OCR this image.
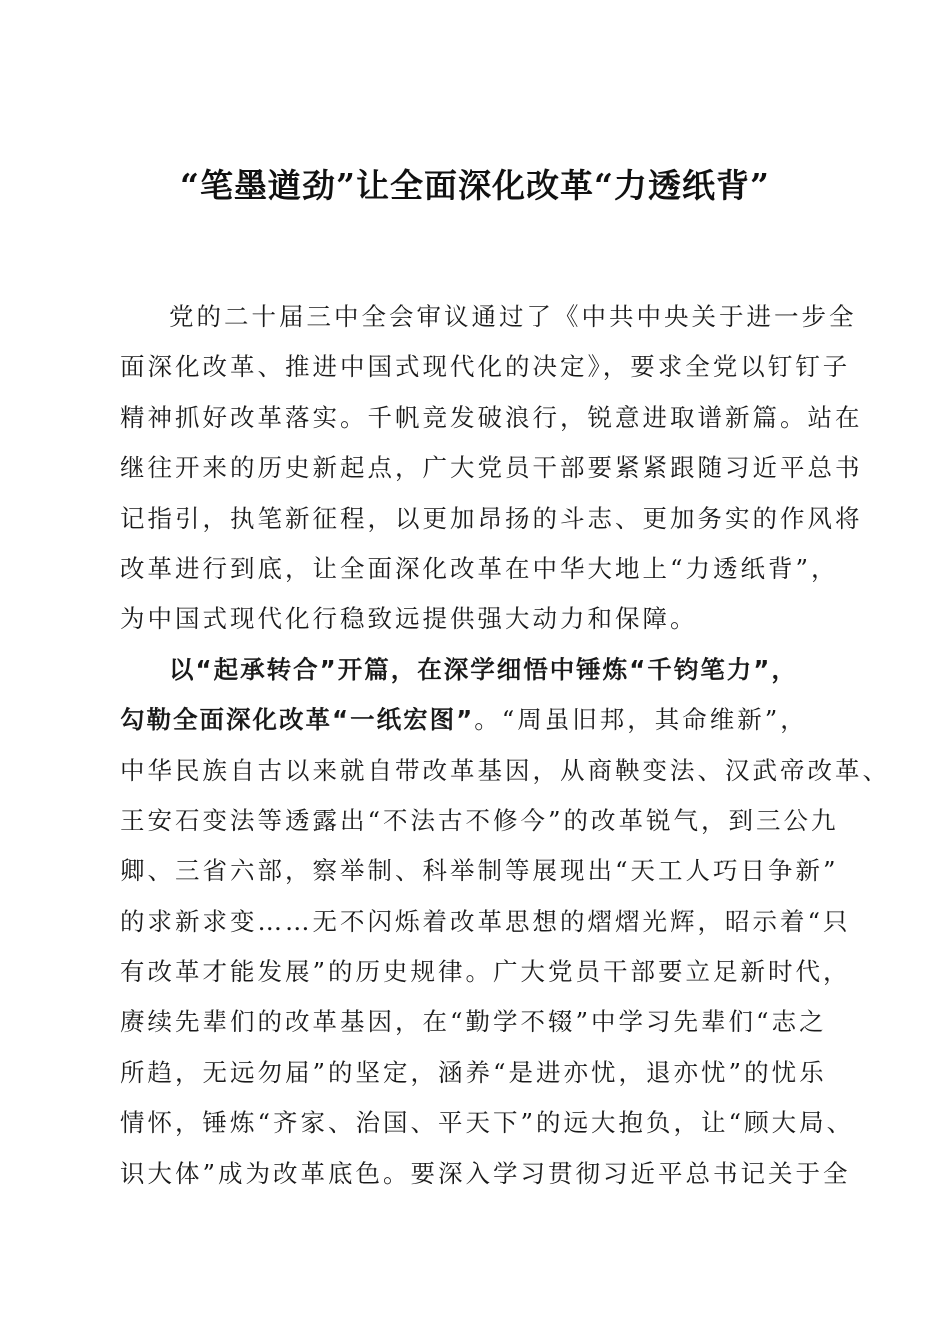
“笔墨遒劲”让全面深化改革“力透纸背”
党的二十届三中全会审议通过了《中共中央关于进一步全
面深化改革、推进中国式现代化的决定》，要求全党以钉钉子
精神抓好改革落实。千帆竞发破浪行，锐意进取谱新篇。站在
继往开来的历史新起点，广大党员干部要紧紧跟随习近平总书
记指引，执笔新征程，以更加昂扬的斗志、更加务实的作风将
改革进行到底，让全面深化改革在中华大地上“力透纸背”，
为中国式现代化行稳致远提供强大动力和保障。
以“起承转合”开篇，在深学细悟中锤炼“千钧笔力”，
勾勒全面深化改革“一纸宏图”。“周虽旧邦，其命维新”，
中华民族自古以来就自带改革基因，从商鞅变法、汉武帝改革、
王安石变法等透露出“不法古不修今”的改革锐气，到三公九
卿、三省六部，察举制、科举制等展现出“天工人巧日争新”
的求新求变……无不闪烁着改革思想的熠熠光辉，昭示着“只
有改革才能发展”的历史规律。广大党员干部要立足新时代，
赓续先辈们的改革基因，在“勤学不辍”中学习先辈们“志之
所趋，无远勿届”的坚定，涵养“是进亦忧，退亦忧”的忧乐
情怀，锤炼“齐家、治国、平天下”的远大抱负，让“顾大局、
识大体”成为改革底色。要深入学习贯彻习近平总书记关于全
